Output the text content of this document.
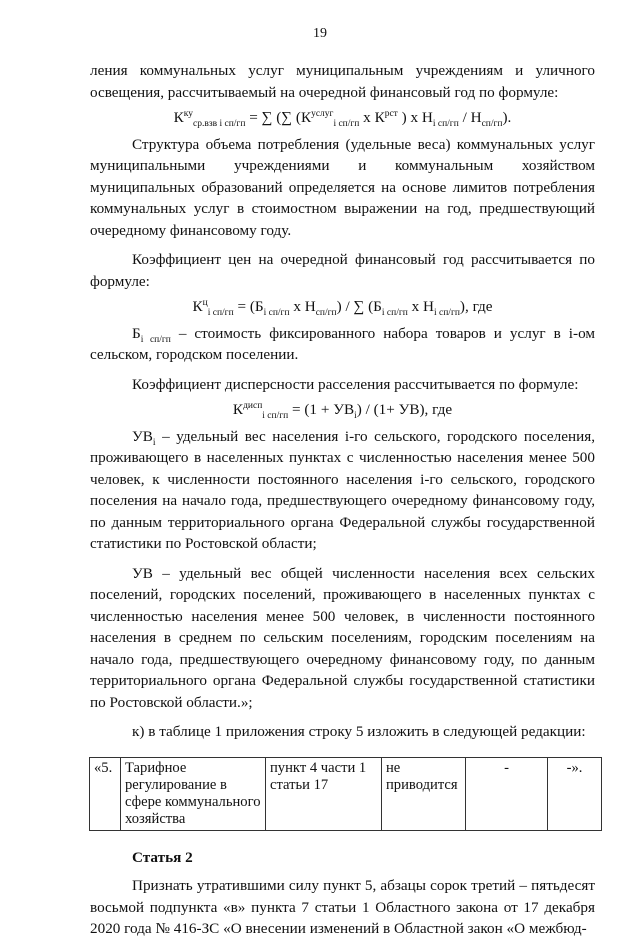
19

ления коммунальных услуг муниципальным учреждениям и уличного освещения, рассчитываемый на очередной финансовый год по формуле:

$К^{ку}_{ср.взв i сп/гп}$ = ∑ (∑ ($К^{услуг}_{i сп/гп}$ х $К^{рст}$ ) х $Н_{i сп/гп} / Н_{сп/гп}$).

Структура объема потребления (удельные веса) коммунальных услуг муниципальными учреждениями и коммунальным хозяйством муниципальных образований определяется на основе лимитов потребления коммунальных услуг в стоимостном выражении на год, предшествующий очередному финансовому году.

Коэффициент цен на очередной финансовый год рассчитывается по формуле:

$К^ц_{i сп/гп} = (Б_{i сп/гп}$ х $Н_{сп/гп}$) / ∑ ($Б_{i сп/гп}$ х $Н_{i сп/гп}$), где

$Б_{i сп/гп}$ – стоимость фиксированного набора товаров и услуг в i-ом сельском, городском поселении.

Коэффициент дисперсности расселения рассчитывается по формуле:

$К^{дисп}_{i сп/гп} = (1 + УВ_i) / (1+ УВ)$, где

$УВ_i$ – удельный вес населения i-го сельского, городского поселения, проживающего в населенных пунктах с численностью населения менее 500 человек, к численности постоянного населения i-го сельского, городского поселения на начало года, предшествующего очередному финансовому году, по данным территориального органа Федеральной службы государственной статистики по Ростовской области;

УВ – удельный вес общей численности населения всех сельских поселений, городских поселений, проживающего в населенных пунктах с численностью населения менее 500 человек, в численности постоянного населения в среднем по сельским поселениям, городским поселениям на начало года, предшествующего очередному финансовому году, по данным территориального органа Федеральной службы государственной статистики по Ростовской области.»;

к) в таблице 1 приложения строку 5 изложить в следующей редакции:

«5.	Тарифное регулирование в сфере коммунального хозяйства	пункт 4 части 1 статьи 17	не приводится	-	-».

Статья 2

Признать утратившими силу пункт 5, абзацы сорок третий – пятьдесят восьмой подпункта «в» пункта 7 статьи 1 Областного закона от 17 декабря 2020 года № 416-ЗС «О внесении изменений в Областной закон «О межбюд-
